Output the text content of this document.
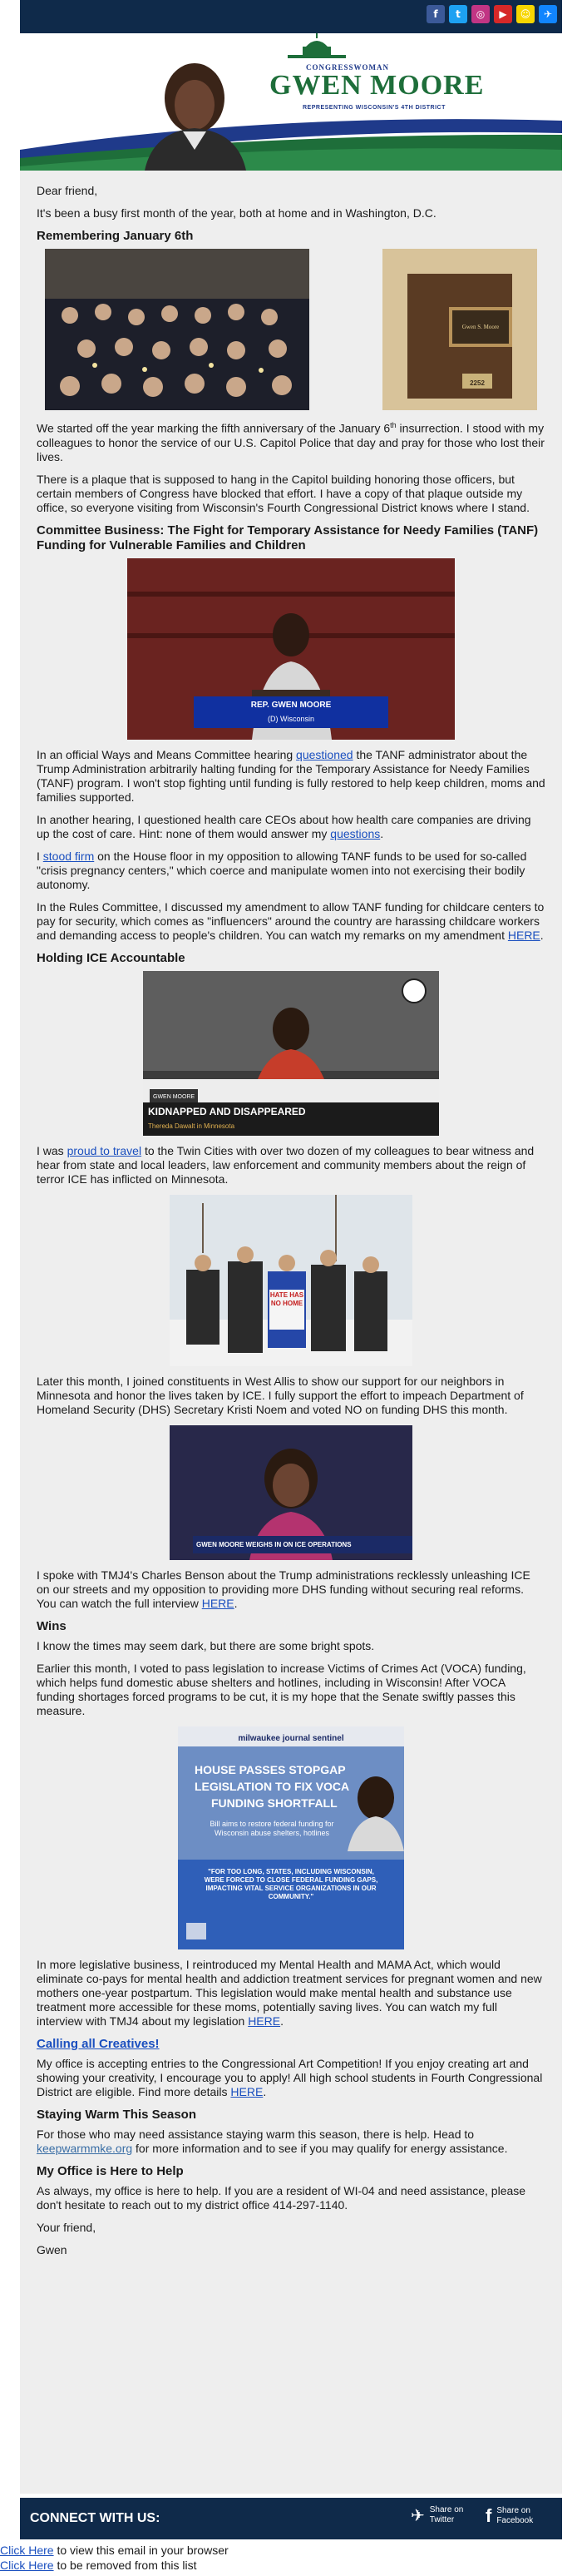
f	t	◎	▶	☺	✈
CONGRESSWOMAN
GWEN MOORE
REPRESENTING WISCONSIN'S 4TH DISTRICT

Dear friend,

It's been a busy first month of the year, both at home and in Washington, D.C.

Remembering January 6th
Gwen S. Moore
2252

We started off the year marking the fifth anniversary of the January 6th insurrection. I stood with my colleagues to honor the service of our U.S. Capitol Police that day and pray for those who lost their lives.

There is a plaque that is supposed to hang in the Capitol building honoring those officers, but certain members of Congress have blocked that effort. I have a copy of that plaque outside my office, so everyone visiting from Wisconsin's Fourth Congressional District knows where I stand.

Committee Business: The Fight for Temporary Assistance for Needy Families (TANF) Funding for Vulnerable Families and Children
REP. GWEN MOORE
(D) Wisconsin

In an official Ways and Means Committee hearing questioned the TANF administrator about the Trump Administration arbitrarily halting funding for the Temporary Assistance for Needy Families (TANF) program. I won't stop fighting until funding is fully restored to help keep children, moms and families supported.

In another hearing, I questioned health care CEOs about how health care companies are driving up the cost of care. Hint: none of them would answer my questions.

I stood firm on the House floor in my opposition to allowing TANF funds to be used for so-called "crisis pregnancy centers," which coerce and manipulate women into not exercising their bodily autonomy.

In the Rules Committee, I discussed my amendment to allow TANF funding for childcare centers to pay for security, which comes as "influencers" around the country are harassing childcare workers and demanding access to people's children. You can watch my remarks on my amendment HERE.

Holding ICE Accountable
GWEN MOORE
KIDNAPPED AND DISAPPEARED
Thereda Dawalt in Minnesota

I was proud to travel to the Twin Cities with over two dozen of my colleagues to bear witness and hear from state and local leaders, law enforcement and community members about the reign of terror ICE has inflicted on Minnesota.

HATE HAS NO HOME

Later this month, I joined constituents in West Allis to show our support for our neighbors in Minnesota and honor the lives taken by ICE. I fully support the effort to impeach Department of Homeland Security (DHS) Secretary Kristi Noem and voted NO on funding DHS this month.

GWEN MOORE WEIGHS IN ON ICE OPERATIONS

I spoke with TMJ4's Charles Benson about the Trump administrations recklessly unleashing ICE on our streets and my opposition to providing more DHS funding without securing real reforms. You can watch the full interview HERE.

Wins

I know the times may seem dark, but there are some bright spots.

Earlier this month, I voted to pass legislation to increase Victims of Crimes Act (VOCA) funding, which helps fund domestic abuse shelters and hotlines, including in Wisconsin! After VOCA funding shortages forced programs to be cut, it is my hope that the Senate swiftly passes this measure.

milwaukee journal sentinel
HOUSE PASSES STOPGAP
LEGISLATION TO FIX VOCA
FUNDING SHORTFALL
Bill aims to restore federal funding for Wisconsin abuse shelters, hotlines
"FOR TOO LONG, STATES, INCLUDING WISCONSIN, WERE FORCED TO CLOSE FEDERAL FUNDING GAPS, IMPACTING VITAL SERVICE ORGANIZATIONS IN OUR COMMUNITY."

In more legislative business, I reintroduced my Mental Health and MAMA Act, which would eliminate co-pays for mental health and addiction treatment services for pregnant women and new mothers one-year postpartum. This legislation would make mental health and substance use treatment more accessible for these moms, potentially saving lives. You can watch my full interview with TMJ4 about my legislation HERE.

Calling all Creatives!

My office is accepting entries to the Congressional Art Competition! If you enjoy creating art and showing your creativity, I encourage you to apply! All high school students in Fourth Congressional District are eligible. Find more details HERE.

Staying Warm This Season

For those who may need assistance staying warm this season, there is help. Head to keepwarmmke.org for more information and to see if you may qualify for energy assistance.

My Office is Here to Help

As always, my office is here to help. If you are a resident of WI-04 and need assistance, please don't hesitate to reach out to my district office 414-297-1140.

Your friend,

Gwen

CONNECT WITH US:	✈ Share on
Twitter	f Share on
Facebook
Click Here to view this email in your browser
Click Here to be removed from this list
